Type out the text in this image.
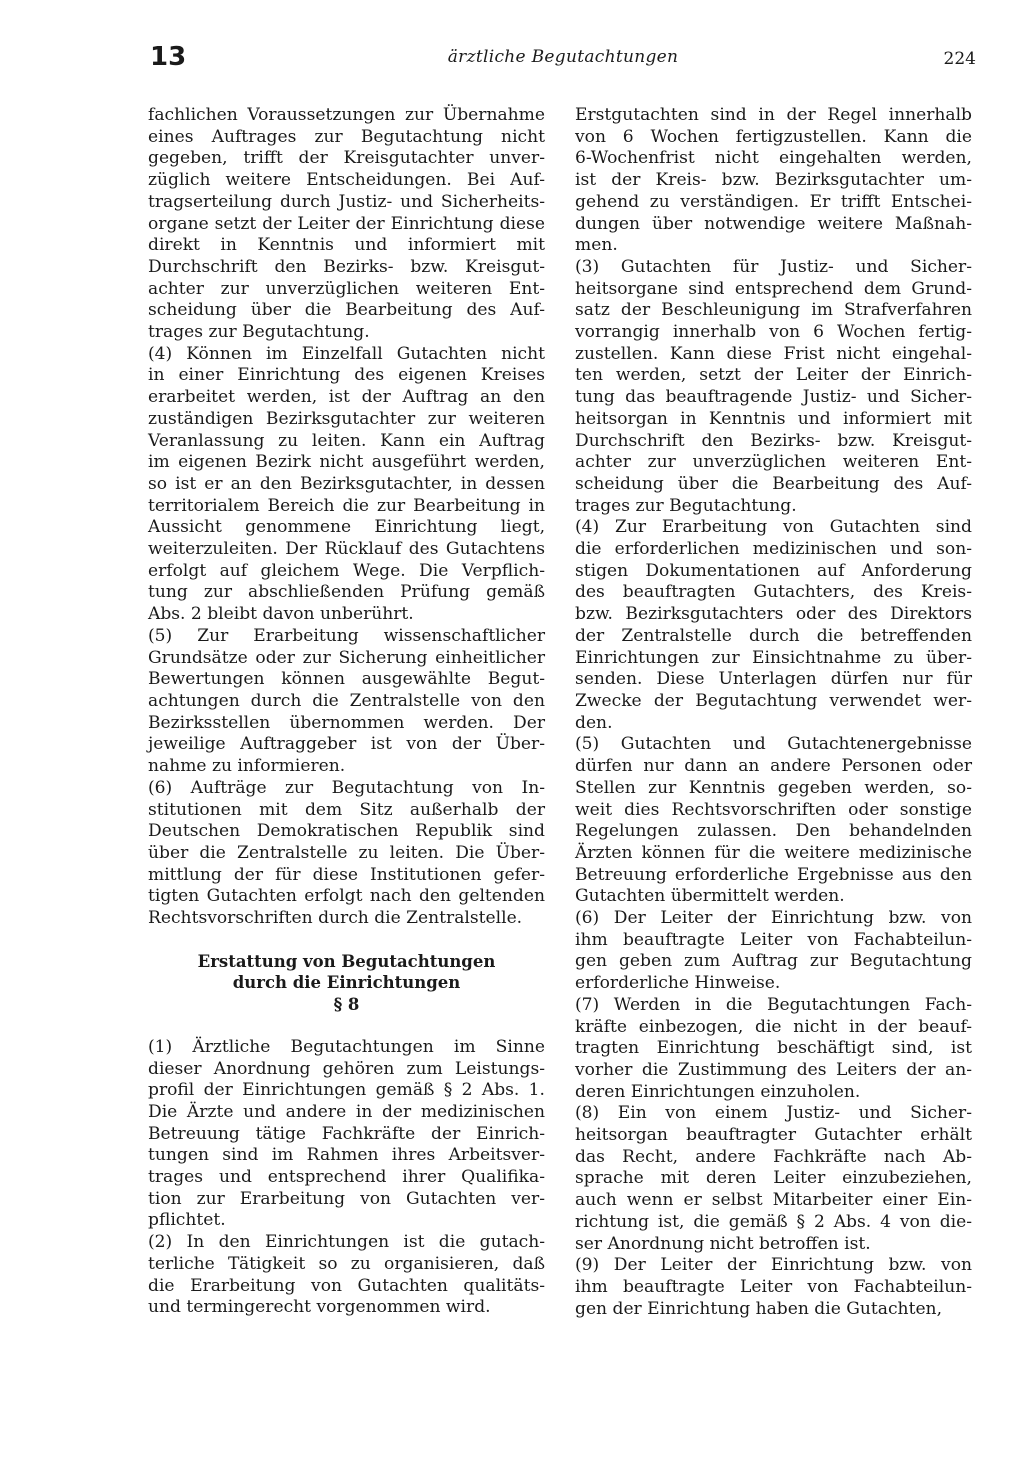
13	ärztliche Begutachtungen	224

fachlichen Voraussetzungen zur Übernahme
eines Auftrages zur Begutachtung nicht
gegeben, trifft der Kreisgutachter unver-
züglich weitere Entscheidungen. Bei Auf-
tragserteilung durch Justiz- und Sicherheits-
organe setzt der Leiter der Einrichtung diese
direkt in Kenntnis und informiert mit
Durchschrift den Bezirks- bzw. Kreisgut-
achter zur unverzüglichen weiteren Ent-
scheidung über die Bearbeitung des Auf-
trages zur Begutachtung.

(4) Können im Einzelfall Gutachten nicht
in einer Einrichtung des eigenen Kreises
erarbeitet werden, ist der Auftrag an den
zuständigen Bezirksgutachter zur weiteren
Veranlassung zu leiten. Kann ein Auftrag
im eigenen Bezirk nicht ausgeführt werden,
so ist er an den Bezirksgutachter, in dessen
territorialem Bereich die zur Bearbeitung in
Aussicht genommene Einrichtung liegt,
weiterzuleiten. Der Rücklauf des Gutachtens
erfolgt auf gleichem Wege. Die Verpflich-
tung zur abschließenden Prüfung gemäß
Abs. 2 bleibt davon unberührt.

(5) Zur Erarbeitung wissenschaftlicher
Grundsätze oder zur Sicherung einheitlicher
Bewertungen können ausgewählte Begut-
achtungen durch die Zentralstelle von den
Bezirksstellen übernommen werden. Der
jeweilige Auftraggeber ist von der Über-
nahme zu informieren.

(6) Aufträge zur Begutachtung von In-
stitutionen mit dem Sitz außerhalb der
Deutschen Demokratischen Republik sind
über die Zentralstelle zu leiten. Die Über-
mittlung der für diese Institutionen gefer-
tigten Gutachten erfolgt nach den geltenden
Rechtsvorschriften durch die Zentralstelle.

Erstattung von Begutachtungen
durch die Einrichtungen
§ 8

(1) Ärztliche Begutachtungen im Sinne
dieser Anordnung gehören zum Leistungs-
profil der Einrichtungen gemäß § 2 Abs. 1.
Die Ärzte und andere in der medizinischen
Betreuung tätige Fachkräfte der Einrich-
tungen sind im Rahmen ihres Arbeitsver-
trages und entsprechend ihrer Qualifika-
tion zur Erarbeitung von Gutachten ver-
pflichtet.

(2) In den Einrichtungen ist die gutach-
terliche Tätigkeit so zu organisieren, daß
die Erarbeitung von Gutachten qualitäts-
und termingerecht vorgenommen wird.

Erstgutachten sind in der Regel innerhalb
von 6 Wochen fertigzustellen. Kann die
6-Wochenfrist nicht eingehalten werden,
ist der Kreis- bzw. Bezirksgutachter um-
gehend zu verständigen. Er trifft Entschei-
dungen über notwendige weitere Maßnah-
men.

(3) Gutachten für Justiz- und Sicher-
heitsorgane sind entsprechend dem Grund-
satz der Beschleunigung im Strafverfahren
vorrangig innerhalb von 6 Wochen fertig-
zustellen. Kann diese Frist nicht eingehal-
ten werden, setzt der Leiter der Einrich-
tung das beauftragende Justiz- und Sicher-
heitsorgan in Kenntnis und informiert mit
Durchschrift den Bezirks- bzw. Kreisgut-
achter zur unverzüglichen weiteren Ent-
scheidung über die Bearbeitung des Auf-
trages zur Begutachtung.

(4) Zur Erarbeitung von Gutachten sind
die erforderlichen medizinischen und son-
stigen Dokumentationen auf Anforderung
des beauftragten Gutachters, des Kreis-
bzw. Bezirksgutachters oder des Direktors
der Zentralstelle durch die betreffenden
Einrichtungen zur Einsichtnahme zu über-
senden. Diese Unterlagen dürfen nur für
Zwecke der Begutachtung verwendet wer-
den.

(5) Gutachten und Gutachtenergebnisse
dürfen nur dann an andere Personen oder
Stellen zur Kenntnis gegeben werden, so-
weit dies Rechtsvorschriften oder sonstige
Regelungen zulassen. Den behandelnden
Ärzten können für die weitere medizinische
Betreuung erforderliche Ergebnisse aus den
Gutachten übermittelt werden.

(6) Der Leiter der Einrichtung bzw. von
ihm beauftragte Leiter von Fachabteilun-
gen geben zum Auftrag zur Begutachtung
erforderliche Hinweise.

(7) Werden in die Begutachtungen Fach-
kräfte einbezogen, die nicht in der beauf-
tragten Einrichtung beschäftigt sind, ist
vorher die Zustimmung des Leiters der an-
deren Einrichtungen einzuholen.

(8) Ein von einem Justiz- und Sicher-
heitsorgan beauftragter Gutachter erhält
das Recht, andere Fachkräfte nach Ab-
sprache mit deren Leiter einzubeziehen,
auch wenn er selbst Mitarbeiter einer Ein-
richtung ist, die gemäß § 2 Abs. 4 von die-
ser Anordnung nicht betroffen ist.

(9) Der Leiter der Einrichtung bzw. von
ihm beauftragte Leiter von Fachabteilun-
gen der Einrichtung haben die Gutachten,
